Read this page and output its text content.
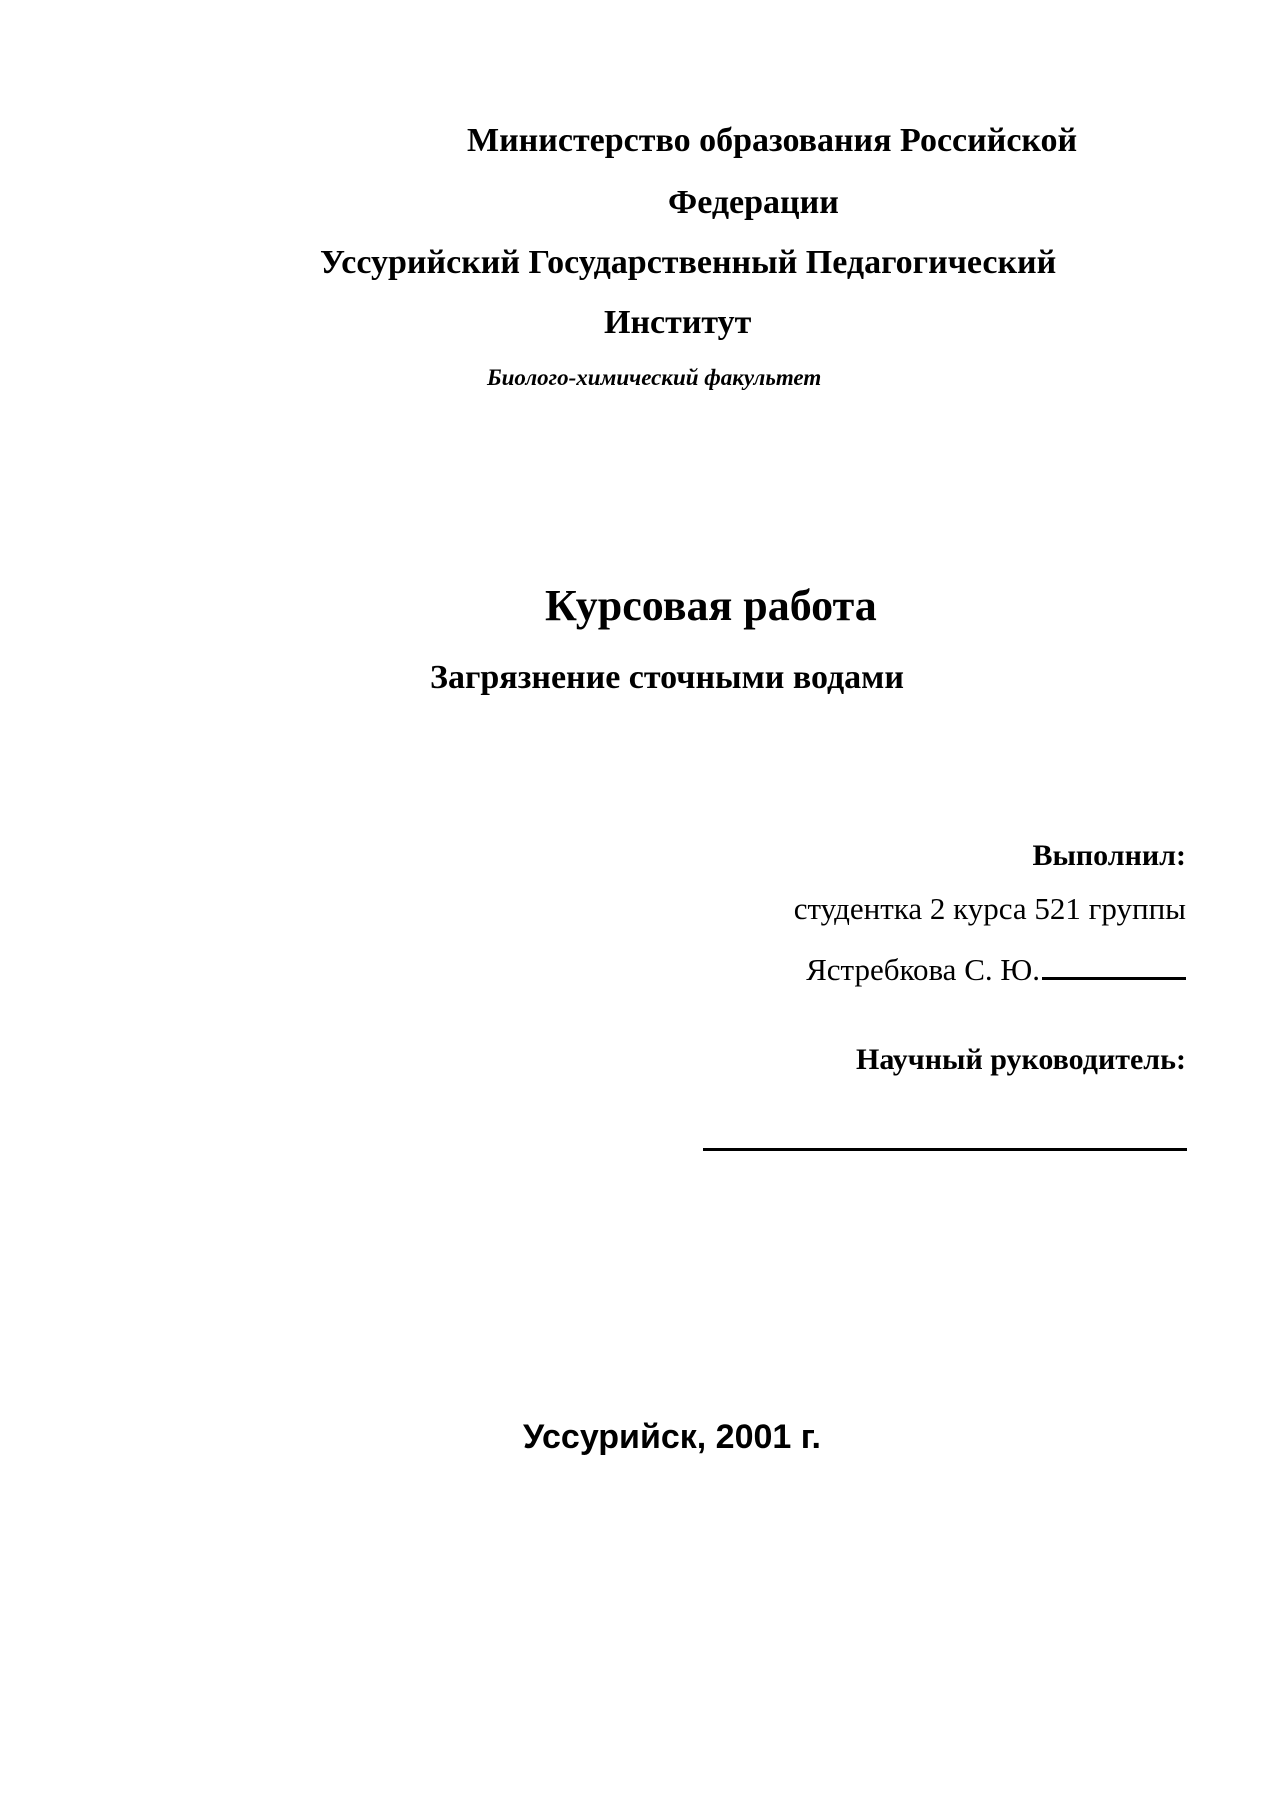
Министерство образования Российской

Федерации

Уссурийский Государственный Педагогический

Институт

Биолого-химический факультет

Курсовая работа
Загрязнение сточными водами

Выполнил:

студентка 2 курса 521 группы

Ястребкова С. Ю.

Научный руководитель:

Уссурийск, 2001 г.
